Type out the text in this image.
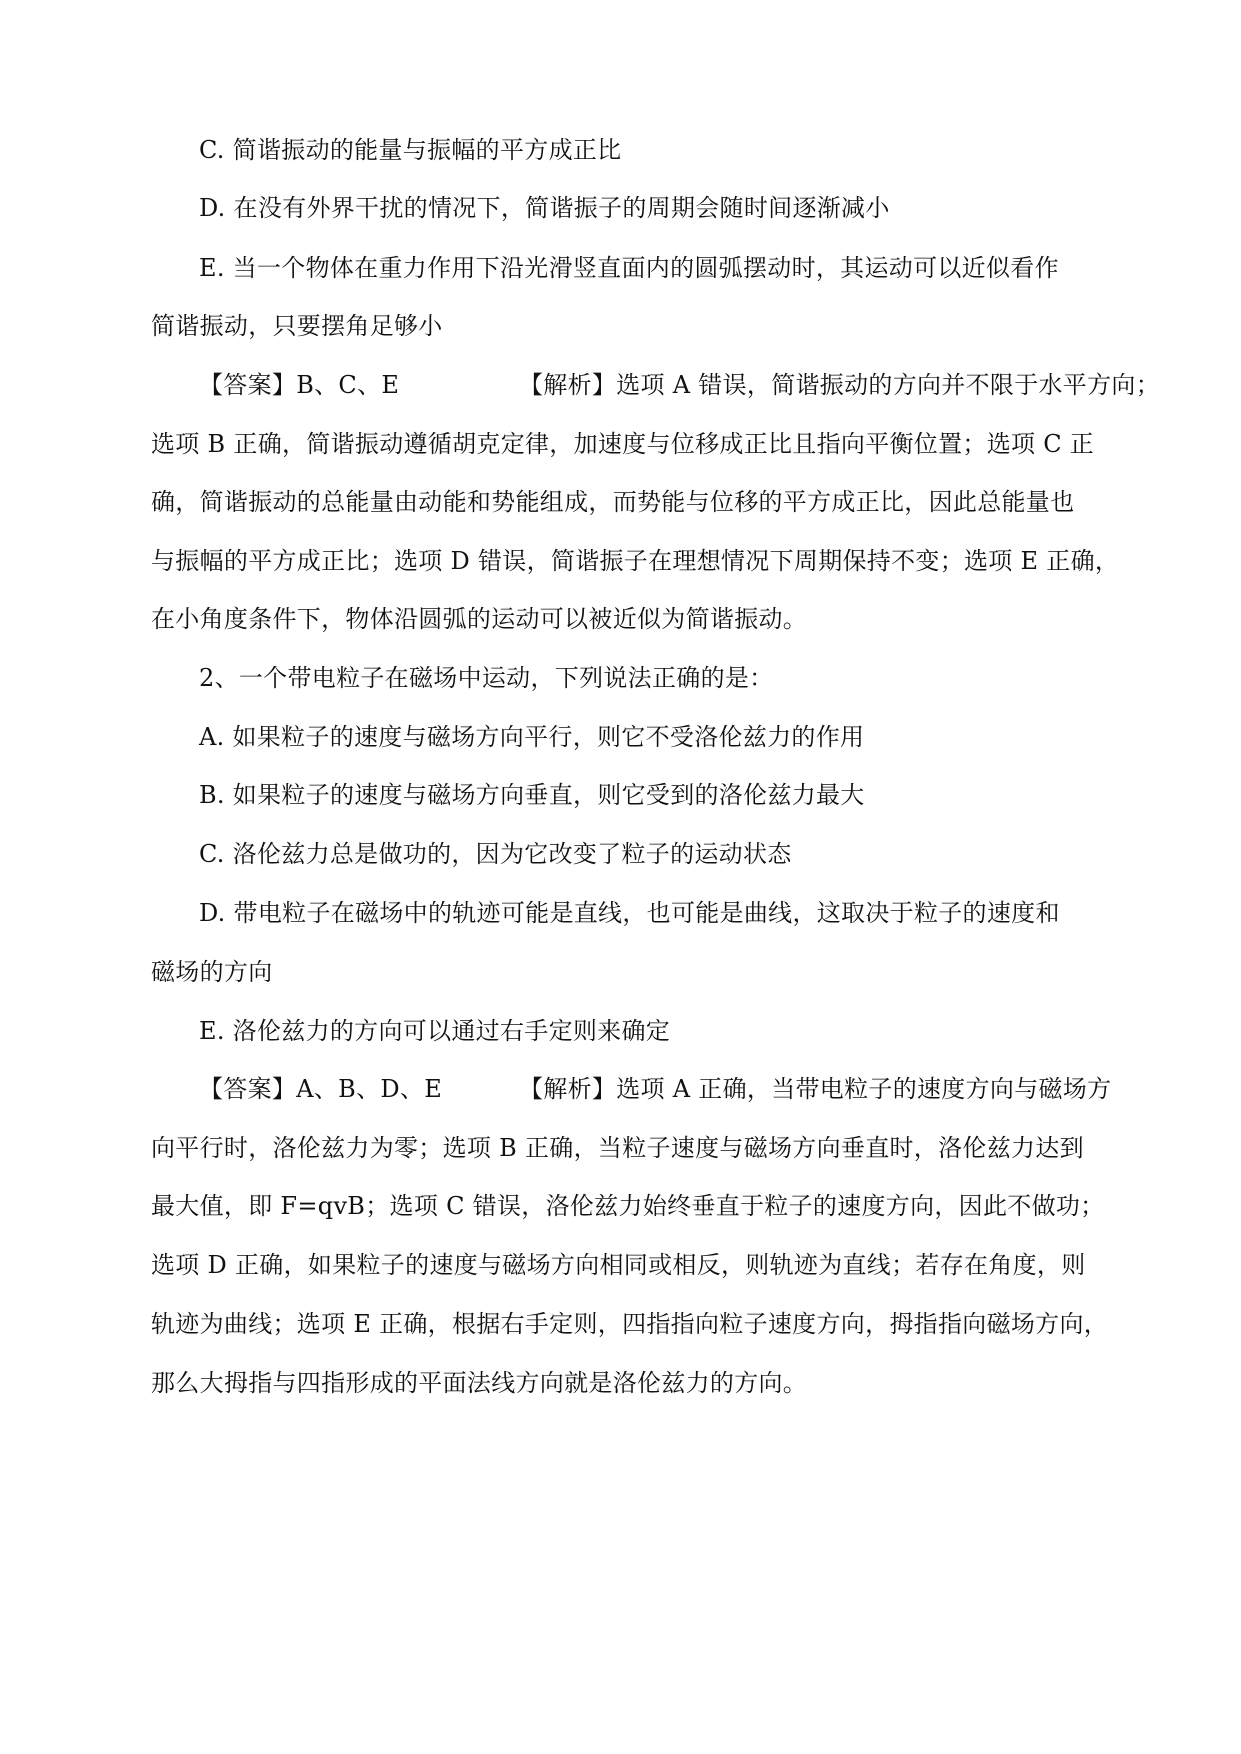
C. 简谐振动的能量与振幅的平方成正比
D. 在没有外界干扰的情况下，简谐振子的周期会随时间逐渐减小
E. 当一个物体在重力作用下沿光滑竖直面内的圆弧摆动时，其运动可以近似看作
简谐振动，只要摆角足够小
【答案】B、C、E	【解析】选项 A 错误，简谐振动的方向并不限于水平方向；
选项 B 正确，简谐振动遵循胡克定律，加速度与位移成正比且指向平衡位置；选项 C 正
确，简谐振动的总能量由动能和势能组成，而势能与位移的平方成正比，因此总能量也
与振幅的平方成正比；选项 D 错误，简谐振子在理想情况下周期保持不变；选项 E 正确，
在小角度条件下，物体沿圆弧的运动可以被近似为简谐振动。
2、一个带电粒子在磁场中运动，下列说法正确的是：
A. 如果粒子的速度与磁场方向平行，则它不受洛伦兹力的作用
B. 如果粒子的速度与磁场方向垂直，则它受到的洛伦兹力最大
C. 洛伦兹力总是做功的，因为它改变了粒子的运动状态
D. 带电粒子在磁场中的轨迹可能是直线，也可能是曲线，这取决于粒子的速度和
磁场的方向
E. 洛伦兹力的方向可以通过右手定则来确定
【答案】A、B、D、E	【解析】选项 A 正确，当带电粒子的速度方向与磁场方
向平行时，洛伦兹力为零；选项 B 正确，当粒子速度与磁场方向垂直时，洛伦兹力达到
最大值，即 F=qvB；选项 C 错误，洛伦兹力始终垂直于粒子的速度方向，因此不做功；
选项 D 正确，如果粒子的速度与磁场方向相同或相反，则轨迹为直线；若存在角度，则
轨迹为曲线；选项 E 正确，根据右手定则，四指指向粒子速度方向，拇指指向磁场方向，
那么大拇指与四指形成的平面法线方向就是洛伦兹力的方向。
